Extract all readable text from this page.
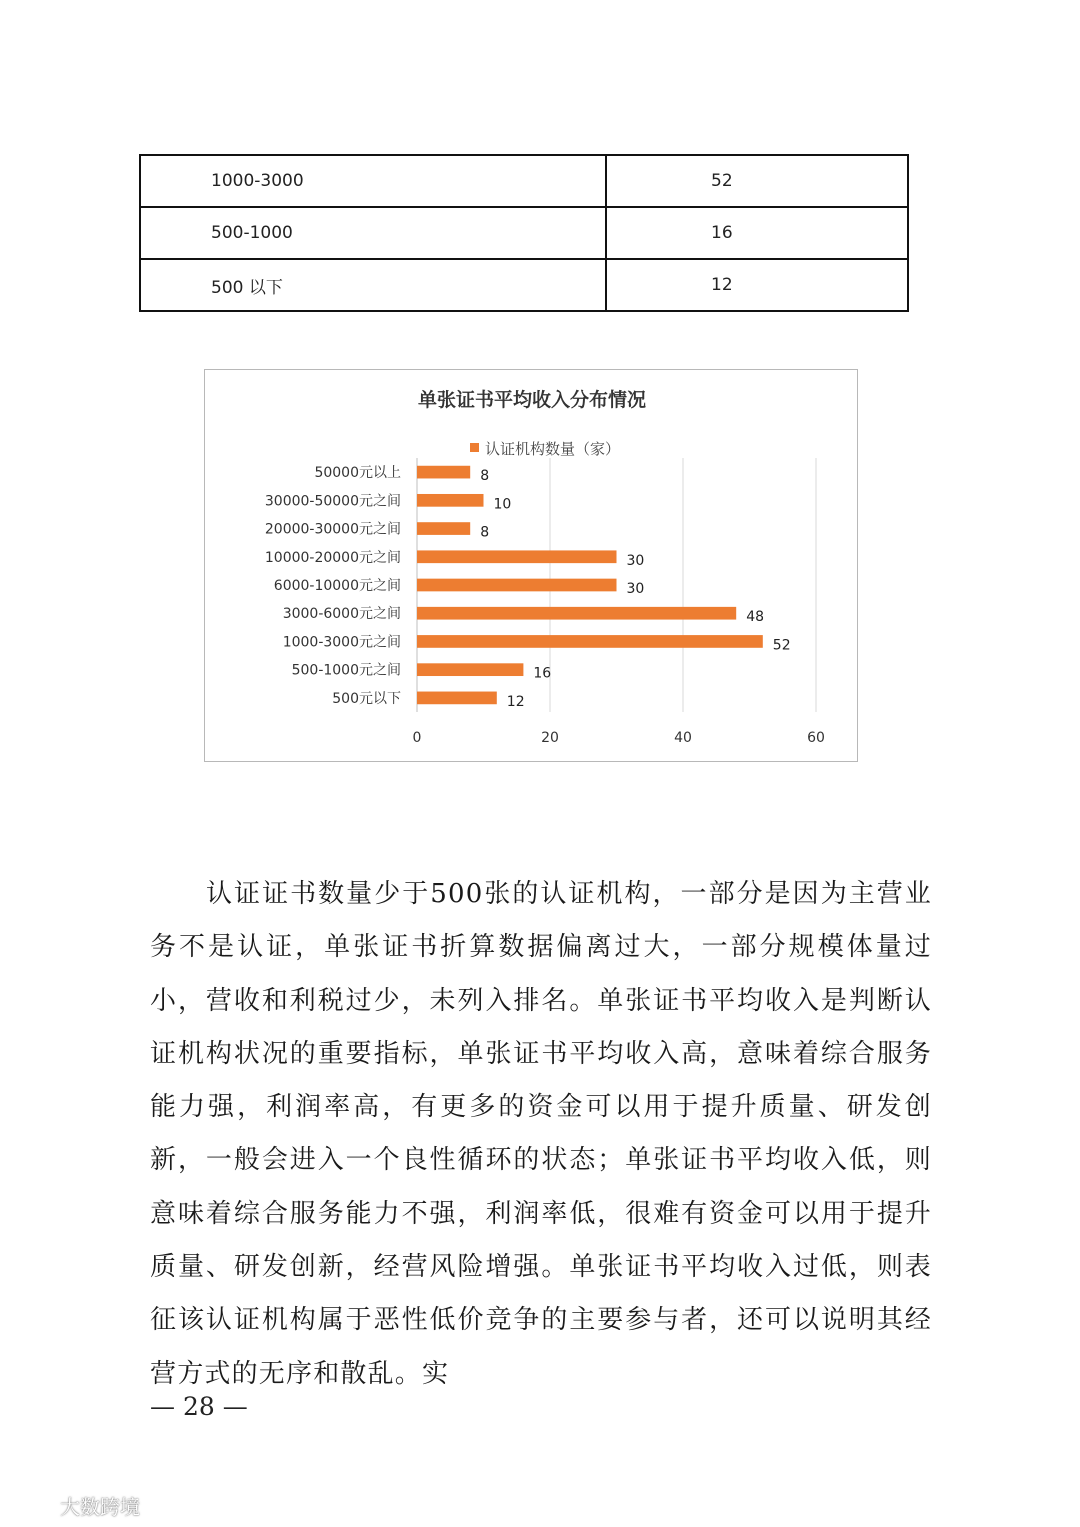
1000-3000	52
500-1000	16
500 以下	12
单张证书平均收入分布情况
认证机构数量（家）
0	20	40	60
50000元以上	8
30000-50000元之间	10
20000-30000元之间	8
10000-20000元之间	30
6000-10000元之间	30
3000-6000元之间	48
1000-3000元之间	52
500-1000元之间	16
500元以下	12

认证证书数量少于500张的认证机构，一部分是因为主营业务不是认证，单张证书折算数据偏离过大，一部分规模体量过小，营收和利税过少，未列入排名。单张证书平均收入是判断认证机构状况的重要指标，单张证书平均收入高，意味着综合服务能力强，利润率高，有更多的资金可以用于提升质量、研发创新，一般会进入一个良性循环的状态；单张证书平均收入低，则意味着综合服务能力不强，利润率低，很难有资金可以用于提升质量、研发创新，经营风险增强。单张证书平均收入过低，则表征该认证机构属于恶性低价竞争的主要参与者，还可以说明其经营方式的无序和散乱。实

— 28 —
大数跨境
